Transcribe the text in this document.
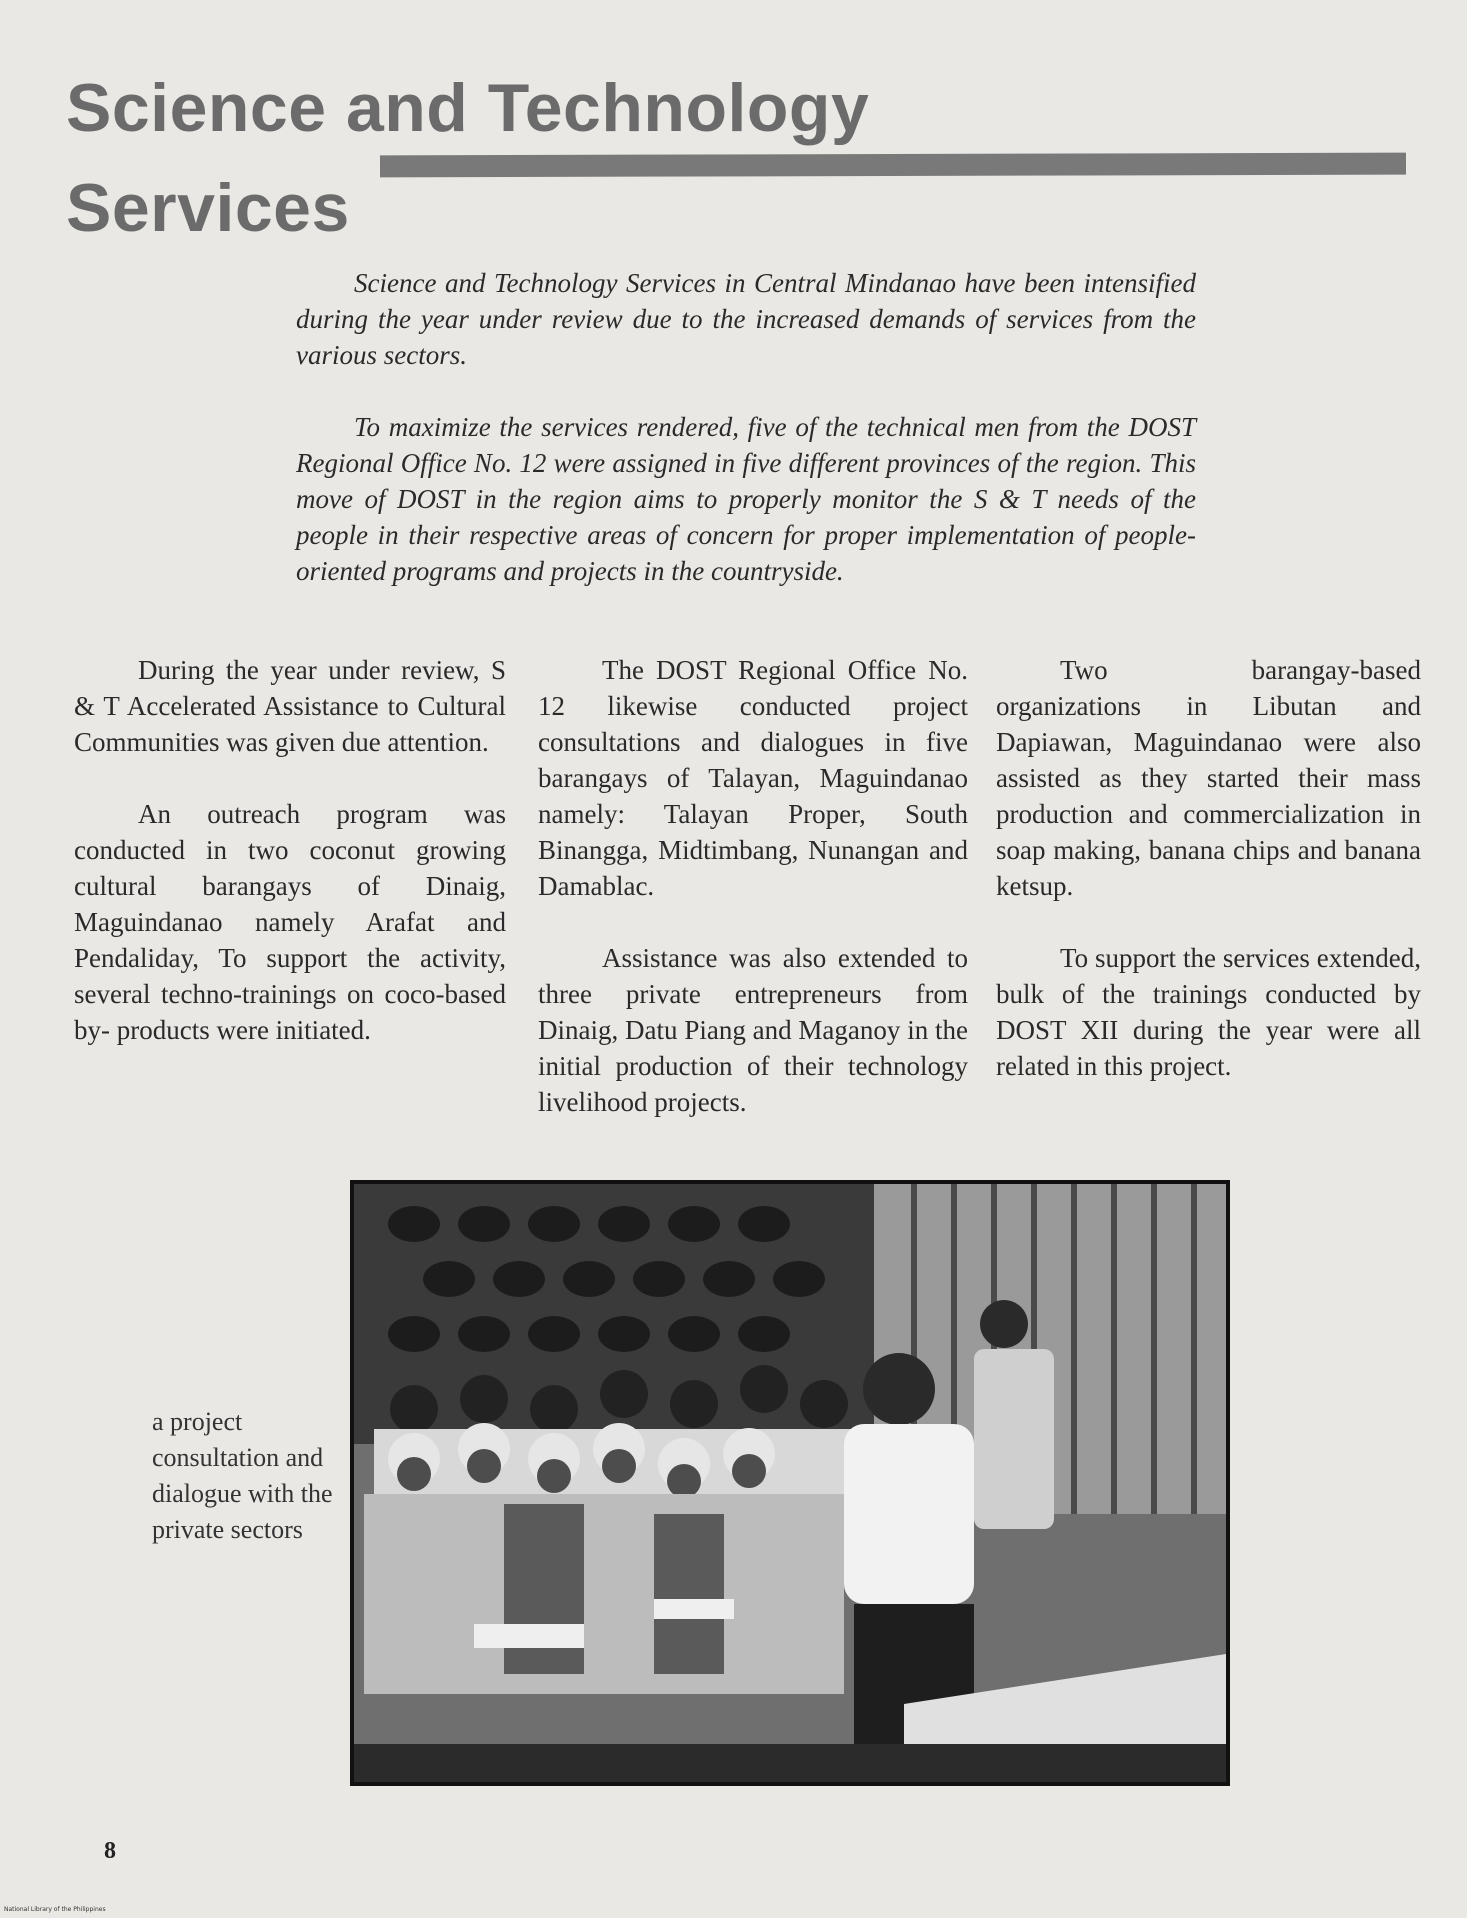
Science and Technology
Services

Science and Technology Services in Central Mindanao have been intensified during the year under review due to the increased demands of services from the various sectors.

To maximize the services rendered, five of the technical men from the DOST Regional Office No. 12 were assigned in five different provinces of the region. This move of DOST in the region aims to properly monitor the S & T needs of the people in their respective areas of concern for proper implementation of people- oriented programs and projects in the countryside.

During the year under review, S & T Accelerated Assistance to Cultural Communities was given due attention.

An outreach program was conducted in two coconut growing cultural barangays of Dinaig, Maguindanao namely Arafat and Pendaliday, To support the activity, several techno-trainings on coco-based by- products were initiated.

The DOST Regional Office No. 12 likewise conducted project consultations and dialogues in five barangays of Talayan, Maguindanao namely: Talayan Proper, South Binangga, Midtimbang, Nunangan and Damablac.

Assistance was also extended to three private entrepreneurs from Dinaig, Datu Piang and Maganoy in the initial production of their technology livelihood projects.

Two barangay-based organizations in Libutan and Dapiawan, Maguindanao were also assisted as they started their mass production and commercialization in soap making, banana chips and banana ketsup.

To support the services extended, bulk of the trainings conducted by DOST XII during the year were all related in this project.

a project consultation and dialogue with the private sectors
8
National Library of the Philippines
